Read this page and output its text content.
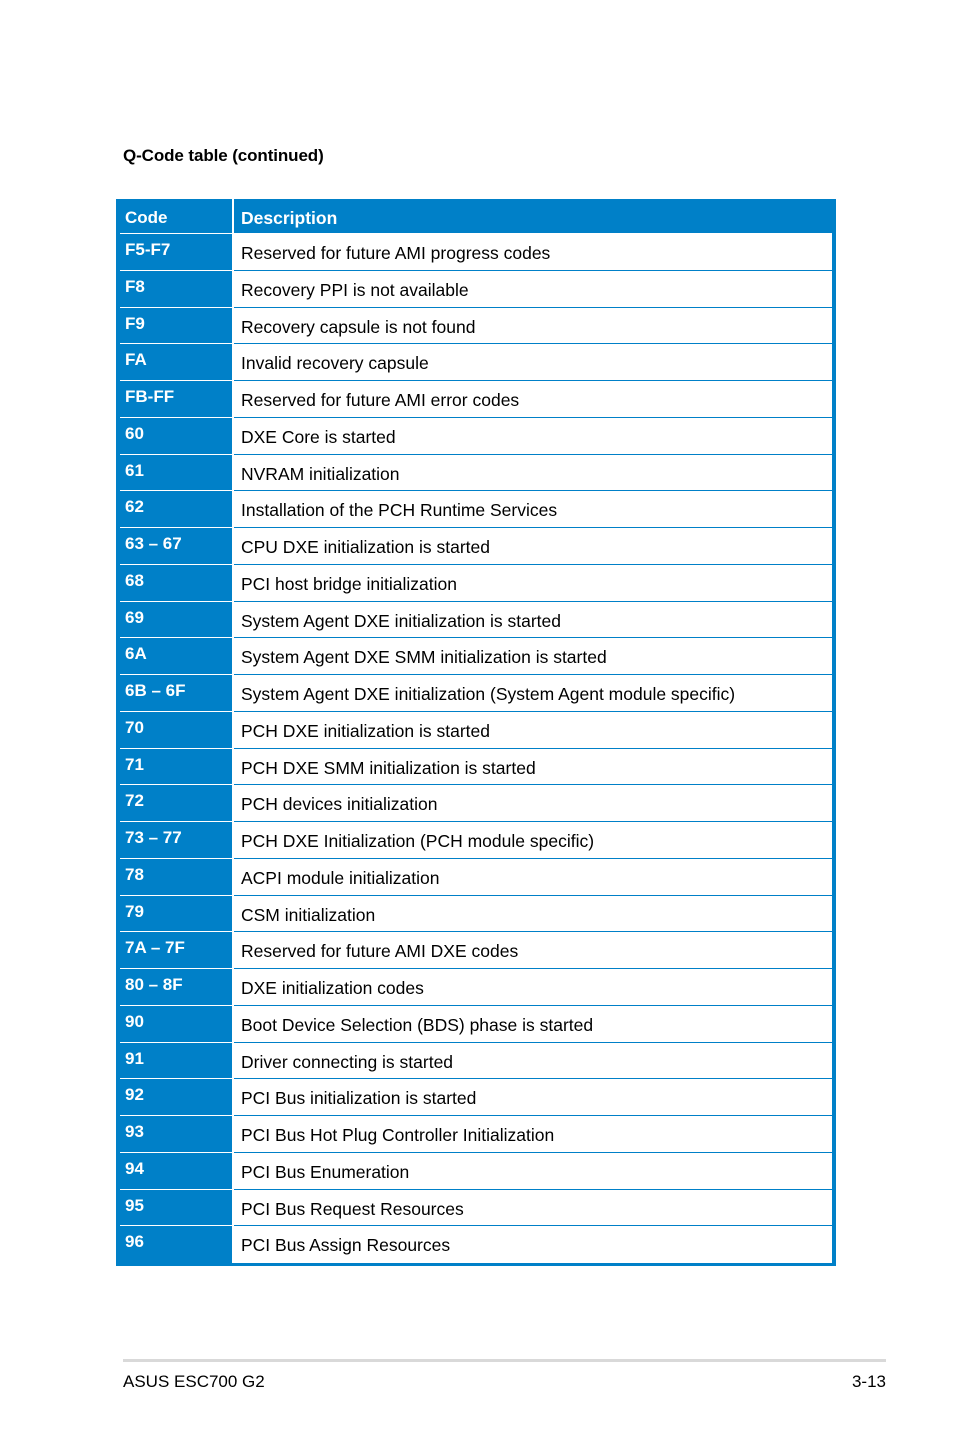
Q-Code table (continued)
Code	Description
F5-F7	Reserved for future AMI progress codes
F8	Recovery PPI is not available
F9	Recovery capsule is not found
FA	Invalid recovery capsule
FB-FF	Reserved for future AMI error codes
60	DXE Core is started
61	NVRAM initialization
62	Installation of the PCH Runtime Services
63 – 67	CPU DXE initialization is started
68	PCI host bridge initialization
69	System Agent DXE initialization is started
6A	System Agent DXE SMM initialization is started
6B – 6F	System Agent DXE initialization (System Agent module specific)
70	PCH DXE initialization is started
71	PCH DXE SMM initialization is started
72	PCH devices initialization
73 – 77	PCH DXE Initialization (PCH module specific)
78	ACPI module initialization
79	CSM initialization
7A – 7F	Reserved for future AMI DXE codes
80 – 8F	DXE initialization codes
90	Boot Device Selection (BDS) phase is started
91	Driver connecting is started
92	PCI Bus initialization is started
93	PCI Bus Hot Plug Controller Initialization
94	PCI Bus Enumeration
95	PCI Bus Request Resources
96	PCI Bus Assign Resources
ASUS ESC700 G2	3-13
